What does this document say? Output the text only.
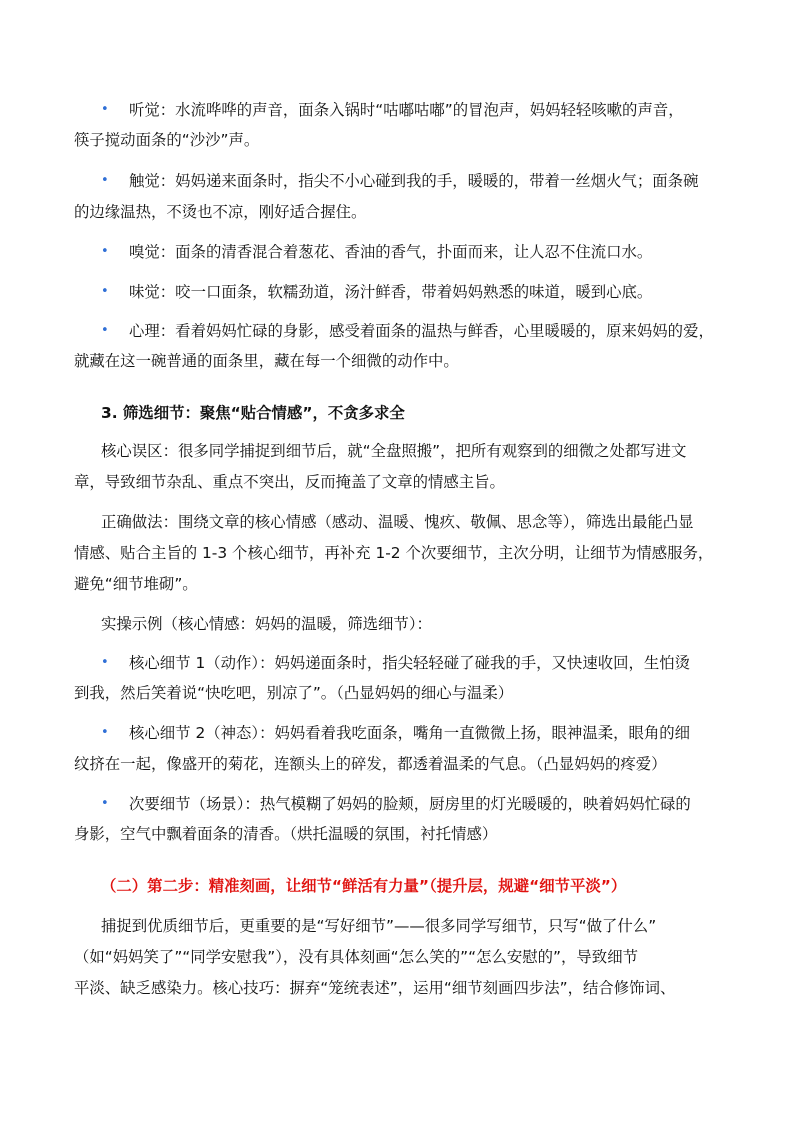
• 听觉：水流哗哗的声音，面条入锅时“咕嘟咕嘟”的冒泡声，妈妈轻轻咳嗽的声音，
筷子搅动面条的“沙沙”声。
• 触觉：妈妈递来面条时，指尖不小心碰到我的手，暖暖的，带着一丝烟火气；面条碗
的边缘温热，不烫也不凉，刚好适合握住。
• 嗅觉：面条的清香混合着葱花、香油的香气，扑面而来，让人忍不住流口水。
• 味觉：咬一口面条，软糯劲道，汤汁鲜香，带着妈妈熟悉的味道，暖到心底。
• 心理：看着妈妈忙碌的身影，感受着面条的温热与鲜香，心里暖暖的，原来妈妈的爱，
就藏在这一碗普通的面条里，藏在每一个细微的动作中。
3. 筛选细节：聚焦“贴合情感”，不贪多求全
核心误区：很多同学捕捉到细节后，就“全盘照搬”，把所有观察到的细微之处都写进文
章，导致细节杂乱、重点不突出，反而掩盖了文章的情感主旨。
正确做法：围绕文章的核心情感（感动、温暖、愧疚、敬佩、思念等），筛选出最能凸显
情感、贴合主旨的 1-3 个核心细节，再补充 1-2 个次要细节，主次分明，让细节为情感服务，
避免“细节堆砌”。
实操示例（核心情感：妈妈的温暖，筛选细节）：
• 核心细节 1（动作）：妈妈递面条时，指尖轻轻碰了碰我的手，又快速收回，生怕烫
到我，然后笑着说“快吃吧，别凉了”。（凸显妈妈的细心与温柔）
• 核心细节 2（神态）：妈妈看着我吃面条，嘴角一直微微上扬，眼神温柔，眼角的细
纹挤在一起，像盛开的菊花，连额头上的碎发，都透着温柔的气息。（凸显妈妈的疼爱）
• 次要细节（场景）：热气模糊了妈妈的脸颊，厨房里的灯光暖暖的，映着妈妈忙碌的
身影，空气中飘着面条的清香。（烘托温暖的氛围，衬托情感）
（二）第二步：精准刻画，让细节“鲜活有力量”（提升层，规避“细节平淡”）
捕捉到优质细节后，更重要的是“写好细节”——很多同学写细节，只写“做了什么”
（如“妈妈笑了”“同学安慰我”），没有具体刻画“怎么笑的”“怎么安慰的”，导致细节
平淡、缺乏感染力。核心技巧：摒弃“笼统表述”，运用“细节刻画四步法”，结合修饰词、
